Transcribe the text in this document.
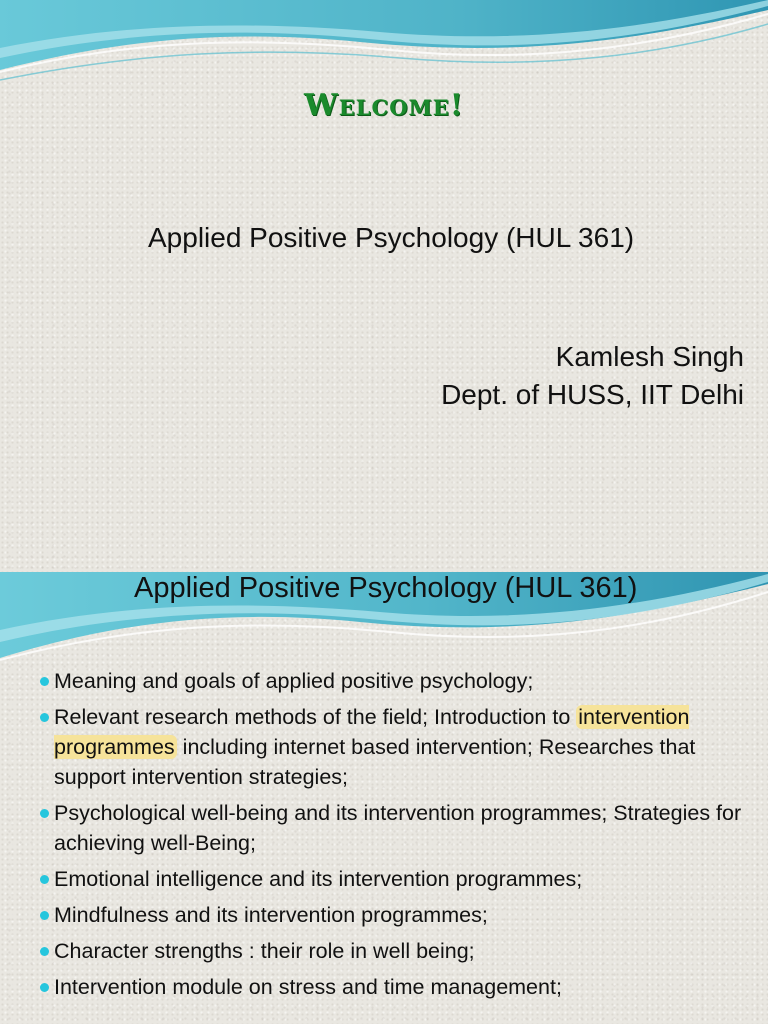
Welcome!
Applied Positive Psychology (HUL 361)
Kamlesh Singh
Dept. of HUSS, IIT Delhi
Applied Positive Psychology (HUL 361)
Meaning and goals of applied positive psychology;
Relevant research methods of the field; Introduction to intervention programmes including internet based intervention; Researches that support intervention strategies;
Psychological well-being and its intervention programmes; Strategies for achieving well-Being;
Emotional intelligence and its intervention programmes;
Mindfulness and its intervention programmes;
Character strengths : their role in well being;
Intervention module on stress and time management;
